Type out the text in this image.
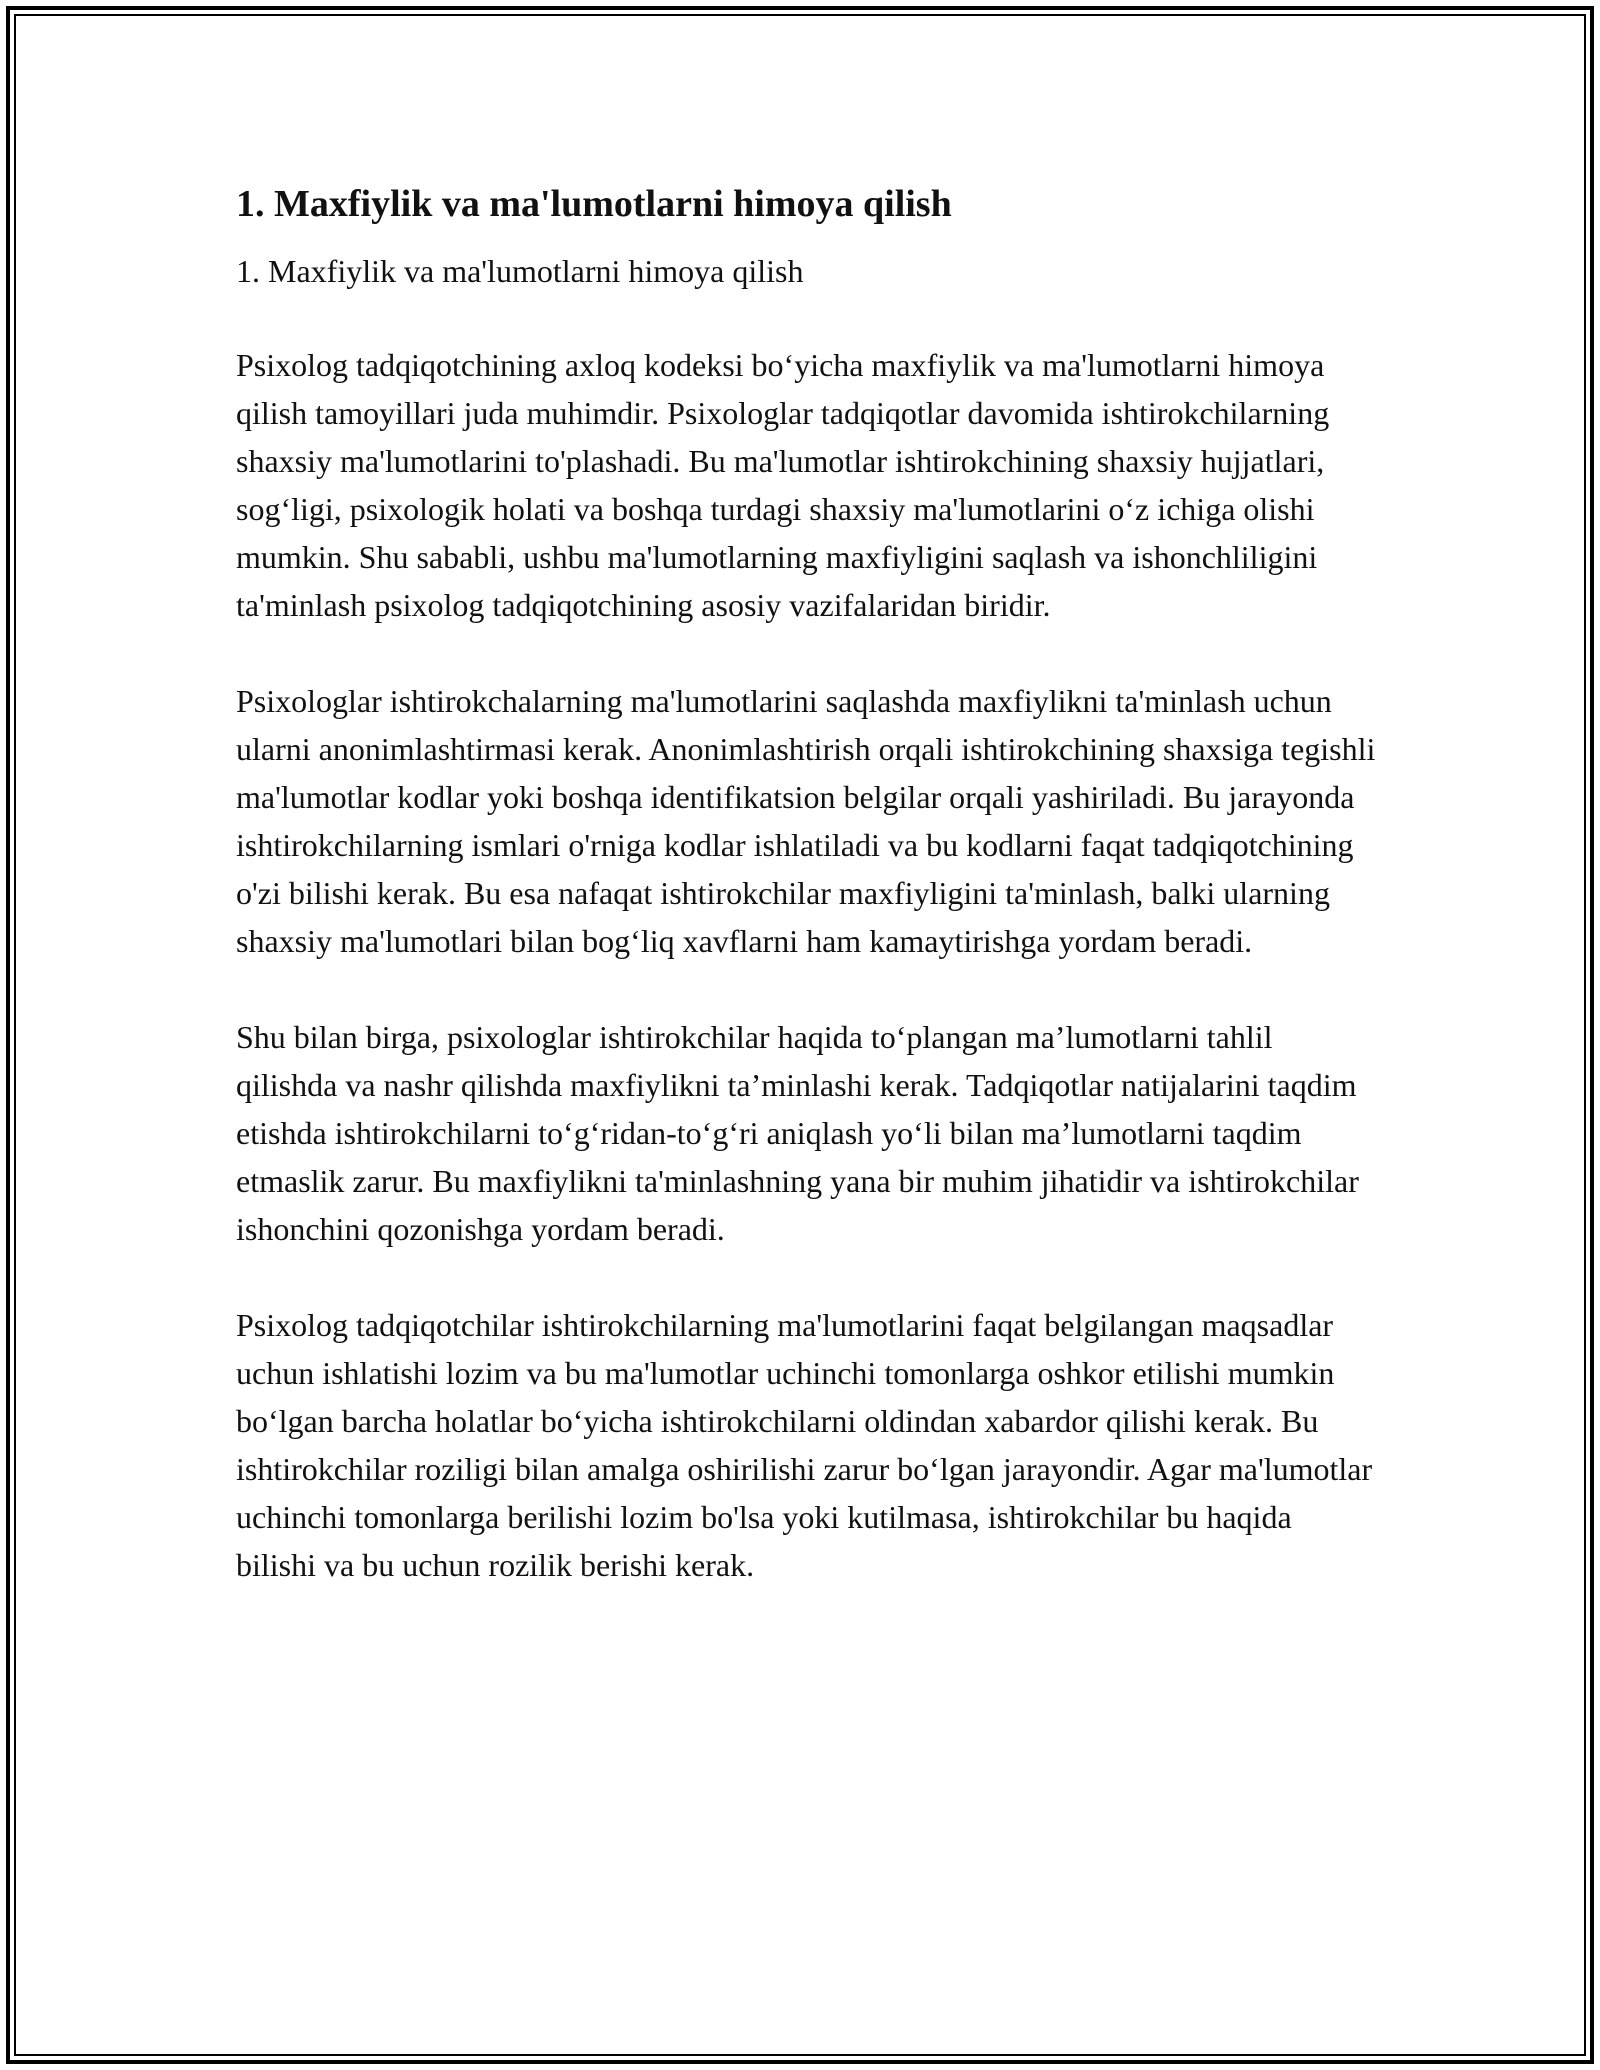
1. Maxfiylik va ma'lumotlarni himoya qilish

1. Maxfiylik va ma'lumotlarni himoya qilish

Psixolog tadqiqotchining axloq kodeksi bo‘yicha maxfiylik va ma'lumotlarni himoya qilish tamoyillari juda muhimdir. Psixologlar tadqiqotlar davomida ishtirokchilarning shaxsiy ma'lumotlarini to'plashadi. Bu ma'lumotlar ishtirokchining shaxsiy hujjatlari, sog‘ligi, psixologik holati va boshqa turdagi shaxsiy ma'lumotlarini o‘z ichiga olishi mumkin. Shu sababli, ushbu ma'lumotlarning maxfiyligini saqlash va ishonchliligini ta'minlash psixolog tadqiqotchining asosiy vazifalaridan biridir.

Psixologlar ishtirokchalarning ma'lumotlarini saqlashda maxfiylikni ta'minlash uchun ularni anonimlashtirmasi kerak. Anonimlashtirish orqali ishtirokchining shaxsiga tegishli ma'lumotlar kodlar yoki boshqa identifikatsion belgilar orqali yashiriladi. Bu jarayonda ishtirokchilarning ismlari o'rniga kodlar ishlatiladi va bu kodlarni faqat tadqiqotchining o'zi bilishi kerak. Bu esa nafaqat ishtirokchilar maxfiyligini ta'minlash, balki ularning shaxsiy ma'lumotlari bilan bog‘liq xavflarni ham kamaytirishga yordam beradi.

Shu bilan birga, psixologlar ishtirokchilar haqida to‘plangan ma’lumotlarni tahlil qilishda va nashr qilishda maxfiylikni ta’minlashi kerak. Tadqiqotlar natijalarini taqdim etishda ishtirokchilarni to‘g‘ridan-to‘g‘ri aniqlash yo‘li bilan ma’lumotlarni taqdim etmaslik zarur. Bu maxfiylikni ta'minlashning yana bir muhim jihatidir va ishtirokchilar ishonchini qozonishga yordam beradi.

Psixolog tadqiqotchilar ishtirokchilarning ma'lumotlarini faqat belgilangan maqsadlar uchun ishlatishi lozim va bu ma'lumotlar uchinchi tomonlarga oshkor etilishi mumkin bo‘lgan barcha holatlar bo‘yicha ishtirokchilarni oldindan xabardor qilishi kerak. Bu ishtirokchilar roziligi bilan amalga oshirilishi zarur bo‘lgan jarayondir. Agar ma'lumotlar uchinchi tomonlarga berilishi lozim bo'lsa yoki kutilmasa, ishtirokchilar bu haqida bilishi va bu uchun rozilik berishi kerak.
